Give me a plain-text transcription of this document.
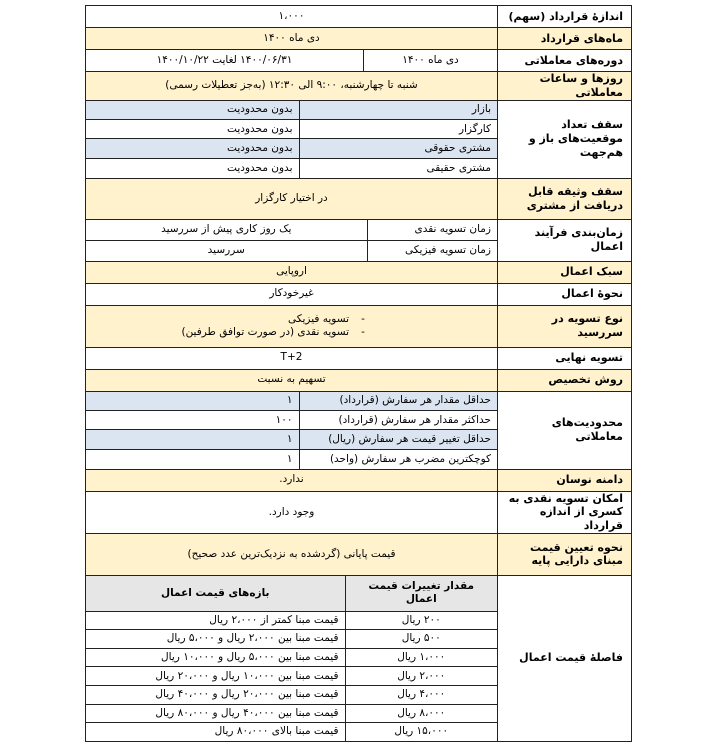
اندازهٔ قرارداد (سهم)	۱،۰۰۰
ماه‌های قرارداد	دی ماه ۱۴۰۰
دوره‌های معاملاتی	دی ماه ۱۴۰۰	۱۴۰۰/۰۶/۳۱ لغایت ۱۴۰۰/۱۰/۲۲
روزها و ساعات معاملاتی	شنبه تا چهارشنبه، ۹:۰۰ الی ۱۲:۳۰ (به‌جز تعطیلات رسمی)
سقف تعداد موقعیت‌های باز و هم‌جهت	
بازار	بدون محدودیت
کارگزار	بدون محدودیت
مشتری حقوقی	بدون محدودیت
مشتری حقیقی	بدون محدودیت

سقف وثیقه قابل دریافت از مشتری	در اختیار کارگزار
زمان‌بندی فرآیند اعمال	
زمان تسویه نقدی	یک روز کاری پیش از سررسید
زمان تسویه فیزیکی	سررسید

سبک اعمال	اروپایی
نحوهٔ اعمال	غیرخودکار
نوع تسویه در سررسید	
-
تسویه فیزیکی
-
تسویه نقدی (در صورت توافق طرفین)

تسویه نهایی	T+2
روش تخصیص	تسهیم به نسبت
محدودیت‌های معاملاتی	
حداقل مقدار هر سفارش (قرارداد)	۱
حداکثر مقدار هر سفارش (قرارداد)	۱۰۰
حداقل تغییر قیمت هر سفارش (ریال)	۱
کوچکترین مضرب هر سفارش (واحد)	۱

دامنه نوسان	ندارد.
امکان تسویه نقدی به کسری از اندازه قرارداد	وجود دارد.
نحوه تعیین قیمت مبنای دارایی پایه	قیمت پایانی (گردشده به نزدیک‌ترین عدد صحیح)
فاصلهٔ قیمت اعمال	
مقدار تغییرات قیمت اعمال	بازه‌های قیمت اعمال
۲۰۰ ریال	قیمت مبنا کمتر از ۲،۰۰۰ ریال
۵۰۰ ریال	قیمت مبنا بین ۲،۰۰۰ ریال و ۵،۰۰۰ ریال
۱،۰۰۰ ریال	قیمت مبنا بین ۵،۰۰۰ ریال و ۱۰،۰۰۰ ریال
۲،۰۰۰ ریال	قیمت مبنا بین ۱۰،۰۰۰ ریال و ۲۰،۰۰۰ ریال
۴،۰۰۰ ریال	قیمت مبنا بین ۲۰،۰۰۰ ریال و ۴۰،۰۰۰ ریال
۸،۰۰۰ ریال	قیمت مبنا بین ۴۰،۰۰۰ ریال و ۸۰،۰۰۰ ریال
۱۵،۰۰۰ ریال	قیمت مبنا بالای ۸۰،۰۰۰ ریال
